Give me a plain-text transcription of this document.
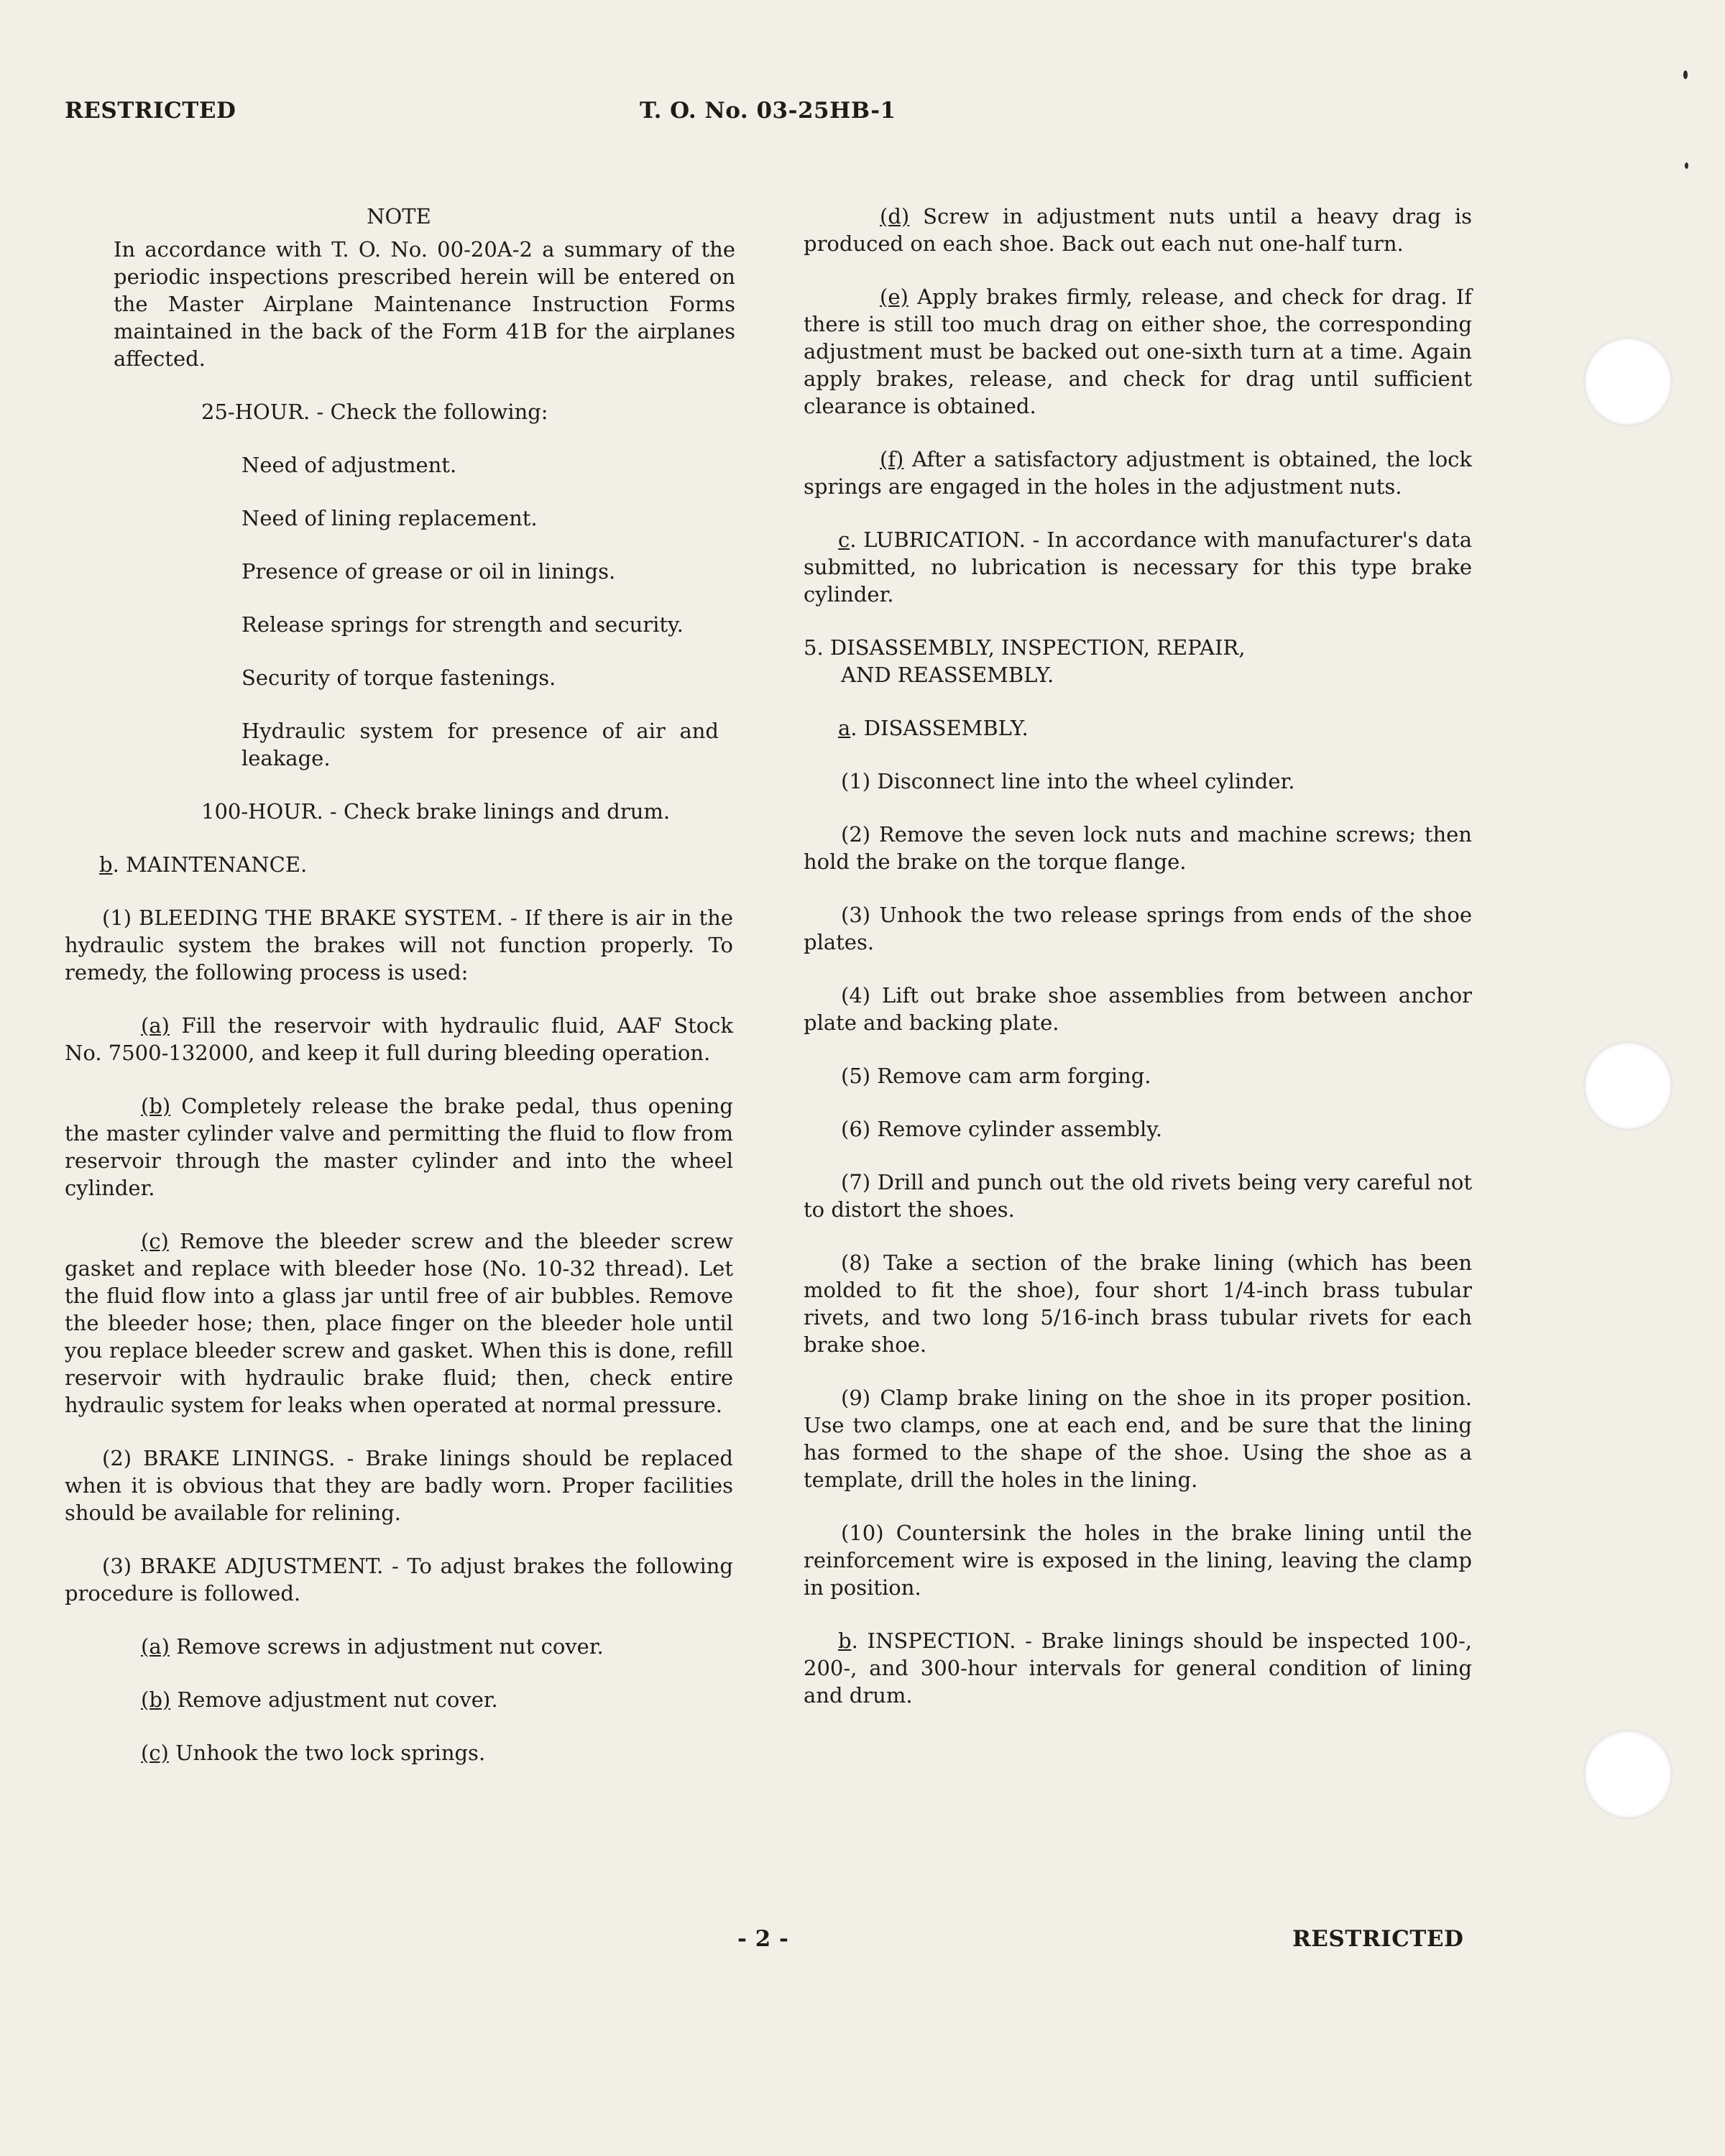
RESTRICTED	T. O. No. 03-25HB-1
NOTE

In accordance with T. O. No. 00-20A-2 a summary of the periodic inspections prescribed herein will be entered on the Master Airplane Maintenance Instruction Forms maintained in the back of the Form 41B for the airplanes affected.

25-HOUR. - Check the following:

Need of adjustment.

Need of lining replacement.

Presence of grease or oil in linings.

Release springs for strength and security.

Security of torque fastenings.

Hydraulic system for presence of air and leakage.

100-HOUR. - Check brake linings and drum.

b. MAINTENANCE.

(1) BLEEDING THE BRAKE SYSTEM. - If there is air in the hydraulic system the brakes will not function properly. To remedy, the following process is used:

(a) Fill the reservoir with hydraulic fluid, AAF Stock No. 7500-132000, and keep it full during bleeding operation.

(b) Completely release the brake pedal, thus opening the master cylinder valve and permitting the fluid to flow from reservoir through the master cylinder and into the wheel cylinder.

(c) Remove the bleeder screw and the bleeder screw gasket and replace with bleeder hose (No. 10-32 thread). Let the fluid flow into a glass jar until free of air bubbles. Remove the bleeder hose; then, place finger on the bleeder hole until you replace bleeder screw and gasket. When this is done, refill reservoir with hydraulic brake fluid; then, check entire hydraulic system for leaks when operated at normal pressure.

(2) BRAKE LININGS. - Brake linings should be replaced when it is obvious that they are badly worn. Proper facilities should be available for relining.

(3) BRAKE ADJUSTMENT. - To adjust brakes the following procedure is followed.

(a) Remove screws in adjustment nut cover.

(b) Remove adjustment nut cover.

(c) Unhook the two lock springs.

(d) Screw in adjustment nuts until a heavy drag is produced on each shoe. Back out each nut one-half turn.

(e) Apply brakes firmly, release, and check for drag. If there is still too much drag on either shoe, the corresponding adjustment must be backed out one-sixth turn at a time. Again apply brakes, release, and check for drag until sufficient clearance is obtained.

(f) After a satisfactory adjustment is obtained, the lock springs are engaged in the holes in the adjustment nuts.

c. LUBRICATION. - In accordance with manufacturer's data submitted, no lubrication is necessary for this type brake cylinder.

5. DISASSEMBLY, INSPECTION, REPAIR,
AND REASSEMBLY.

a. DISASSEMBLY.

(1) Disconnect line into the wheel cylinder.

(2) Remove the seven lock nuts and machine screws; then hold the brake on the torque flange.

(3) Unhook the two release springs from ends of the shoe plates.

(4) Lift out brake shoe assemblies from between anchor plate and backing plate.

(5) Remove cam arm forging.

(6) Remove cylinder assembly.

(7) Drill and punch out the old rivets being very careful not to distort the shoes.

(8) Take a section of the brake lining (which has been molded to fit the shoe), four short 1/4-inch brass tubular rivets, and two long 5/16-inch brass tubular rivets for each brake shoe.

(9) Clamp brake lining on the shoe in its proper position. Use two clamps, one at each end, and be sure that the lining has formed to the shape of the shoe. Using the shoe as a template, drill the holes in the lining.

(10) Countersink the holes in the brake lining until the reinforcement wire is exposed in the lining, leaving the clamp in position.

b. INSPECTION. - Brake linings should be inspected 100-, 200-, and 300-hour intervals for general condition of lining and drum.

- 2 -	RESTRICTED
